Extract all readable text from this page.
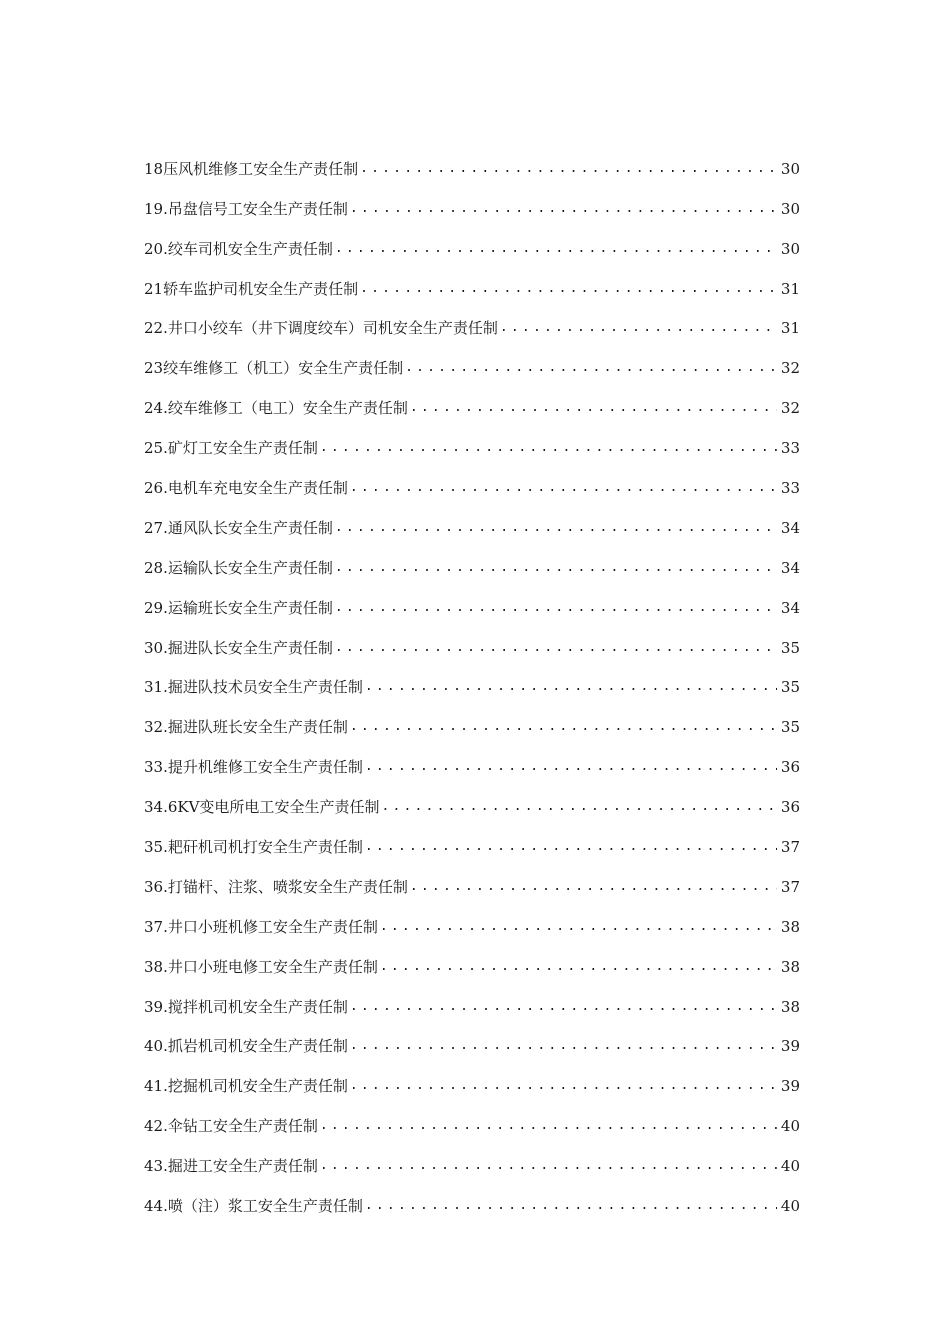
18压风机维修工安全生产责任制 .....	30
19.吊盘信号工安全生产责任制 .....	30
20.绞车司机安全生产责任制 .....	30
21轿车监护司机安全生产责任制 .....	31
22.井口小绞车（井下调度绞车）司机安全生产责任制 .....	31
23绞车维修工（机工）安全生产责任制 .....	32
24.绞车维修工（电工）安全生产责任制 .....	32
25.矿灯工安全生产责任制 .....	33
26.电机车充电安全生产责任制 .....	33
27.通风队长安全生产责任制 .....	34
28.运输队长安全生产责任制 .....	34
29.运输班长安全生产责任制 .....	34
30.掘进队长安全生产责任制 .....	35
31.掘进队技术员安全生产责任制 .....	35
32.掘进队班长安全生产责任制 .....	35
33.提升机维修工安全生产责任制 .....	36
34.6KV变电所电工安全生产责任制 .....	36
35.耙矸机司机打安全生产责任制 .....	37
36.打锚杆、注浆、喷浆安全生产责任制 .....	37
37.井口小班机修工安全生产责任制 .....	38
38.井口小班电修工安全生产责任制 .....	38
39.搅拌机司机安全生产责任制 .....	38
40.抓岩机司机安全生产责任制 .....	39
41.挖掘机司机安全生产责任制 .....	39
42.伞钻工安全生产责任制 .....	40
43.掘进工安全生产责任制 .....	40
44.喷（注）浆工安全生产责任制 .....	40
